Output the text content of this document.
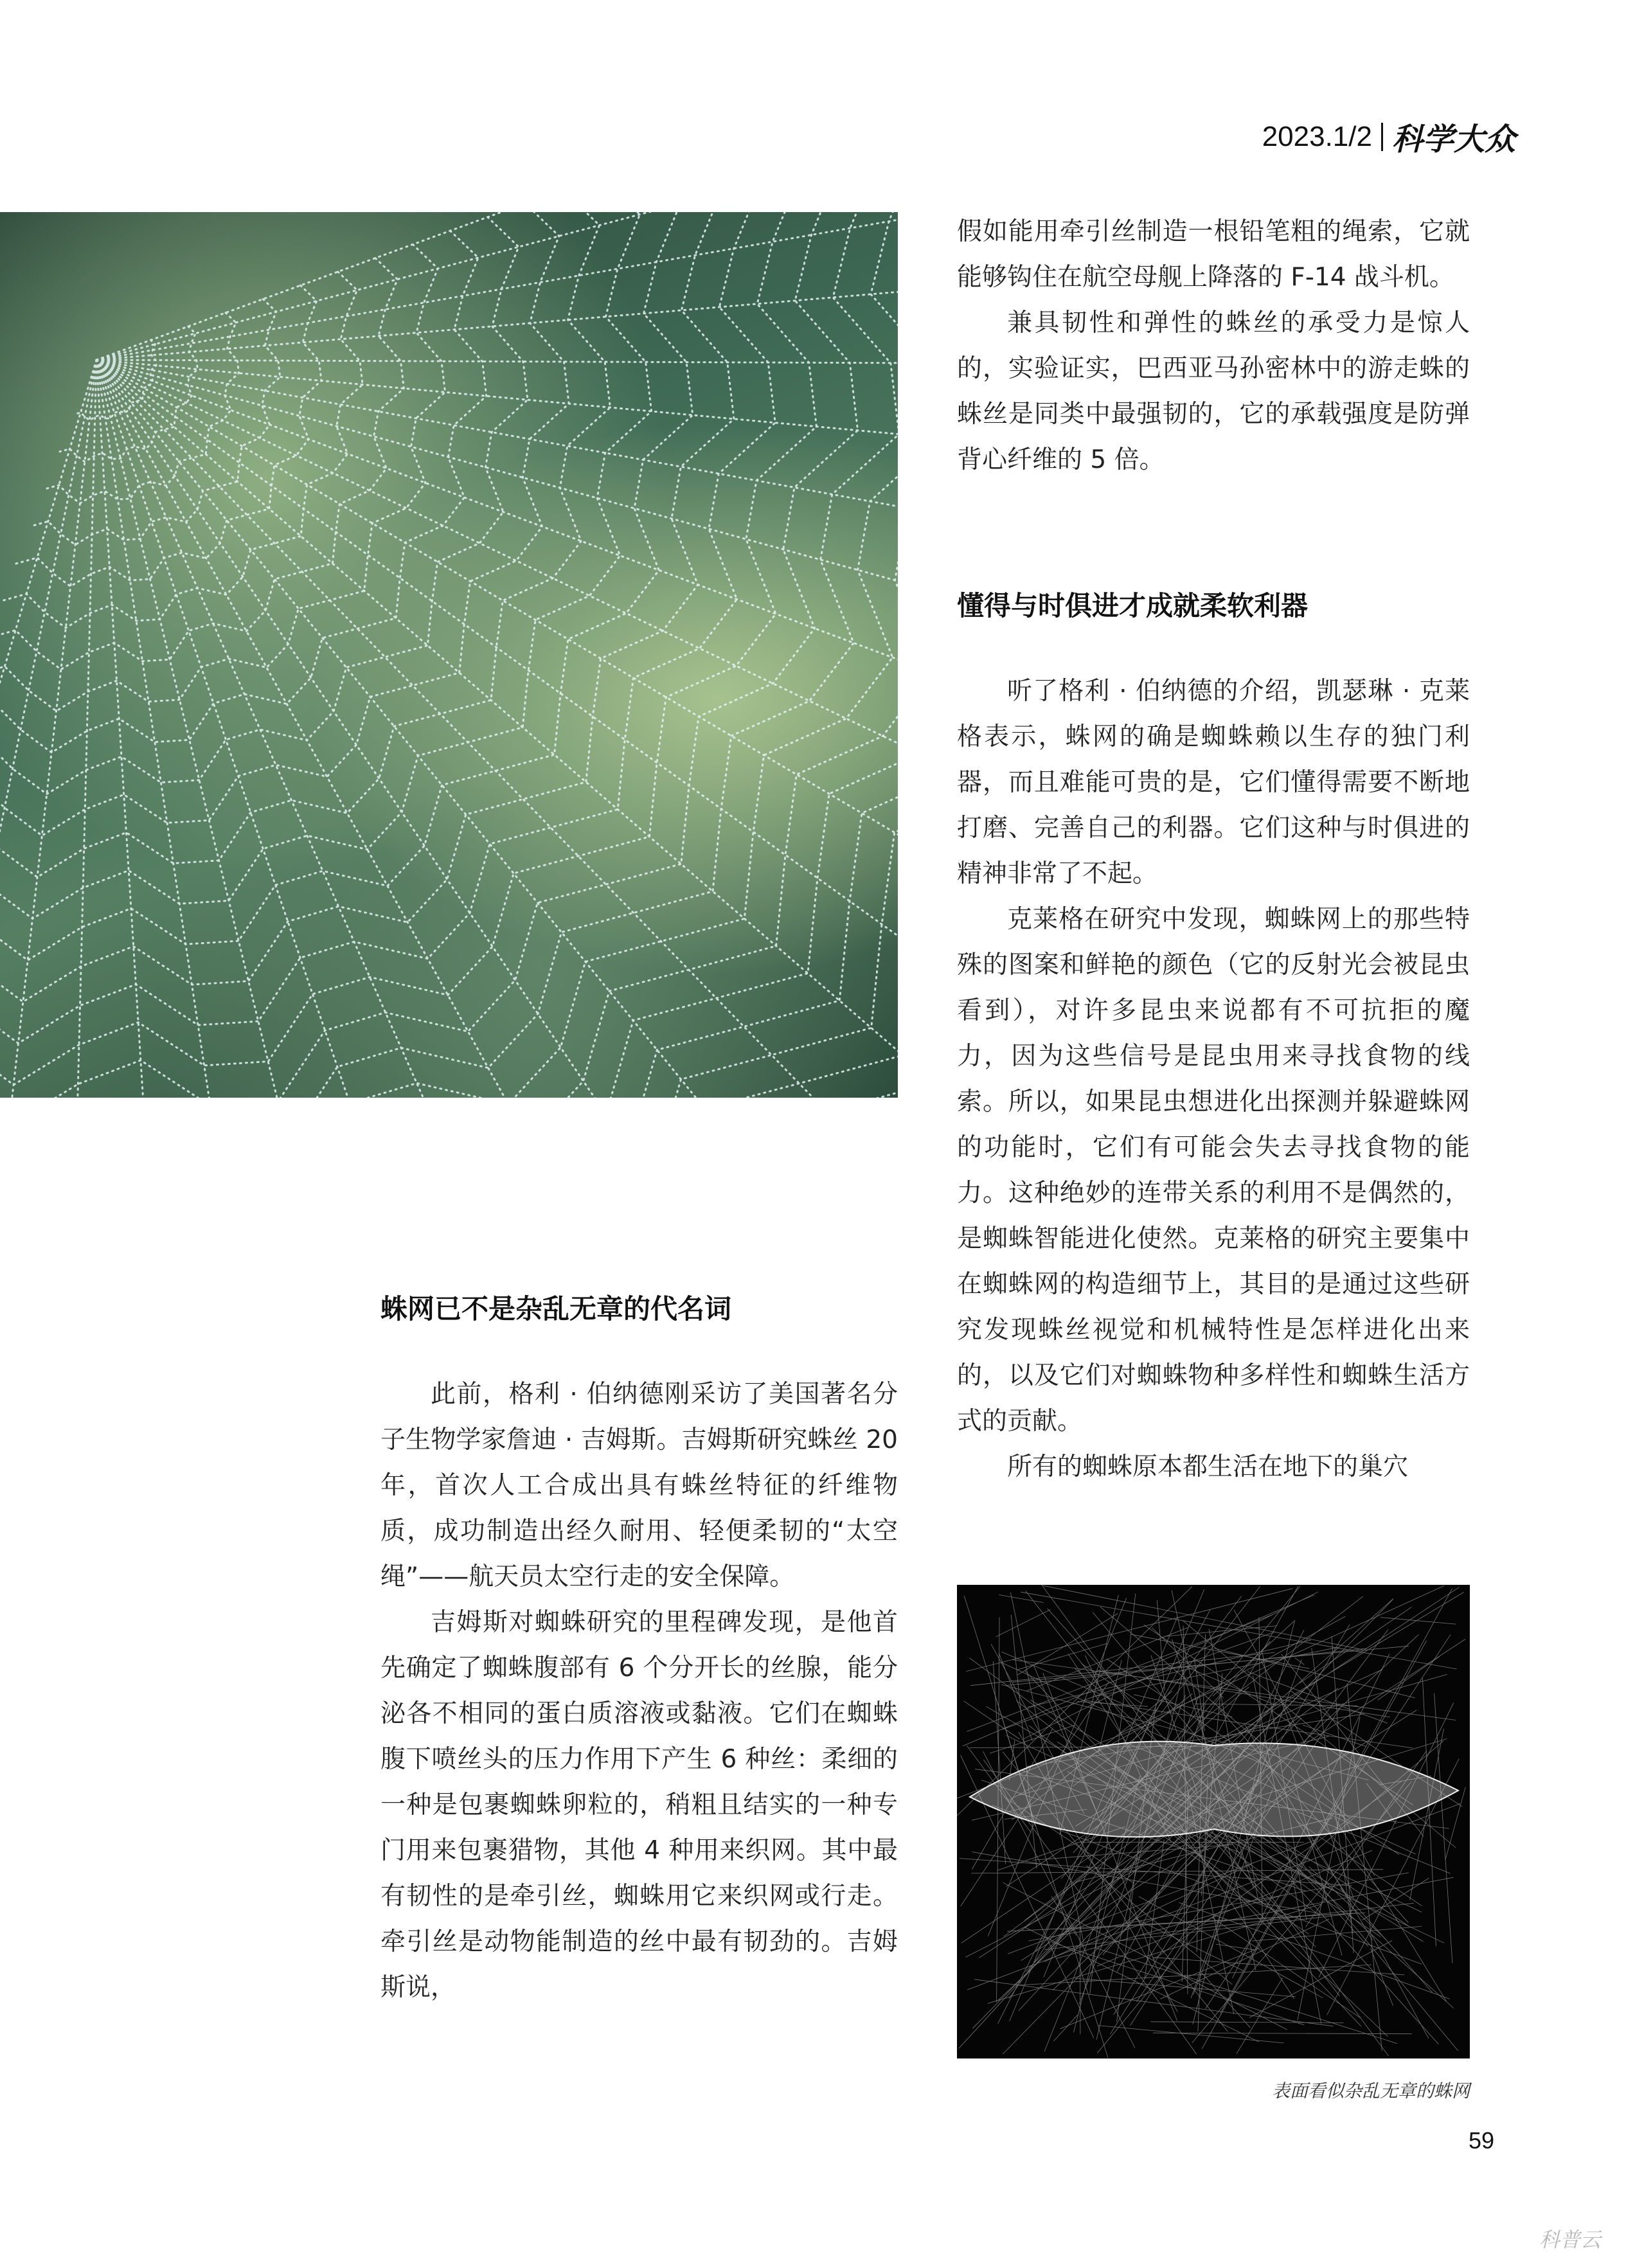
2023.1/2 科学大众

假如能用牵引丝制造一根铅笔粗的绳索，它就能够钩住在航空母舰上降落的 F-14 战斗机。

兼具韧性和弹性的蛛丝的承受力是惊人的，实验证实，巴西亚马孙密林中的游走蛛的蛛丝是同类中最强韧的，它的承载强度是防弹背心纤维的 5 倍。

懂得与时俱进才成就柔软利器

听了格利 · 伯纳德的介绍，凯瑟琳 · 克莱格表示，蛛网的确是蜘蛛赖以生存的独门利器，而且难能可贵的是，它们懂得需要不断地打磨、完善自己的利器。它们这种与时俱进的精神非常了不起。

克莱格在研究中发现，蜘蛛网上的那些特殊的图案和鲜艳的颜色（它的反射光会被昆虫看到），对许多昆虫来说都有不可抗拒的魔力，因为这些信号是昆虫用来寻找食物的线索。所以，如果昆虫想进化出探测并躲避蛛网的功能时，它们有可能会失去寻找食物的能力。这种绝妙的连带关系的利用不是偶然的，是蜘蛛智能进化使然。克莱格的研究主要集中在蜘蛛网的构造细节上，其目的是通过这些研究发现蛛丝视觉和机械特性是怎样进化出来的，以及它们对蜘蛛物种多样性和蜘蛛生活方式的贡献。

所有的蜘蛛原本都生活在地下的巢穴

表面看似杂乱无章的蛛网
蛛网已不是杂乱无章的代名词

此前，格利 · 伯纳德刚采访了美国著名分子生物学家詹迪 · 吉姆斯。吉姆斯研究蛛丝 20 年，首次人工合成出具有蛛丝特征的纤维物质，成功制造出经久耐用、轻便柔韧的“太空绳”——航天员太空行走的安全保障。

吉姆斯对蜘蛛研究的里程碑发现，是他首先确定了蜘蛛腹部有 6 个分开长的丝腺，能分泌各不相同的蛋白质溶液或黏液。它们在蜘蛛腹下喷丝头的压力作用下产生 6 种丝：柔细的一种是包裹蜘蛛卵粒的，稍粗且结实的一种专门用来包裹猎物，其他 4 种用来织网。其中最有韧性的是牵引丝，蜘蛛用它来织网或行走。牵引丝是动物能制造的丝中最有韧劲的。吉姆斯说，

59
科普云
